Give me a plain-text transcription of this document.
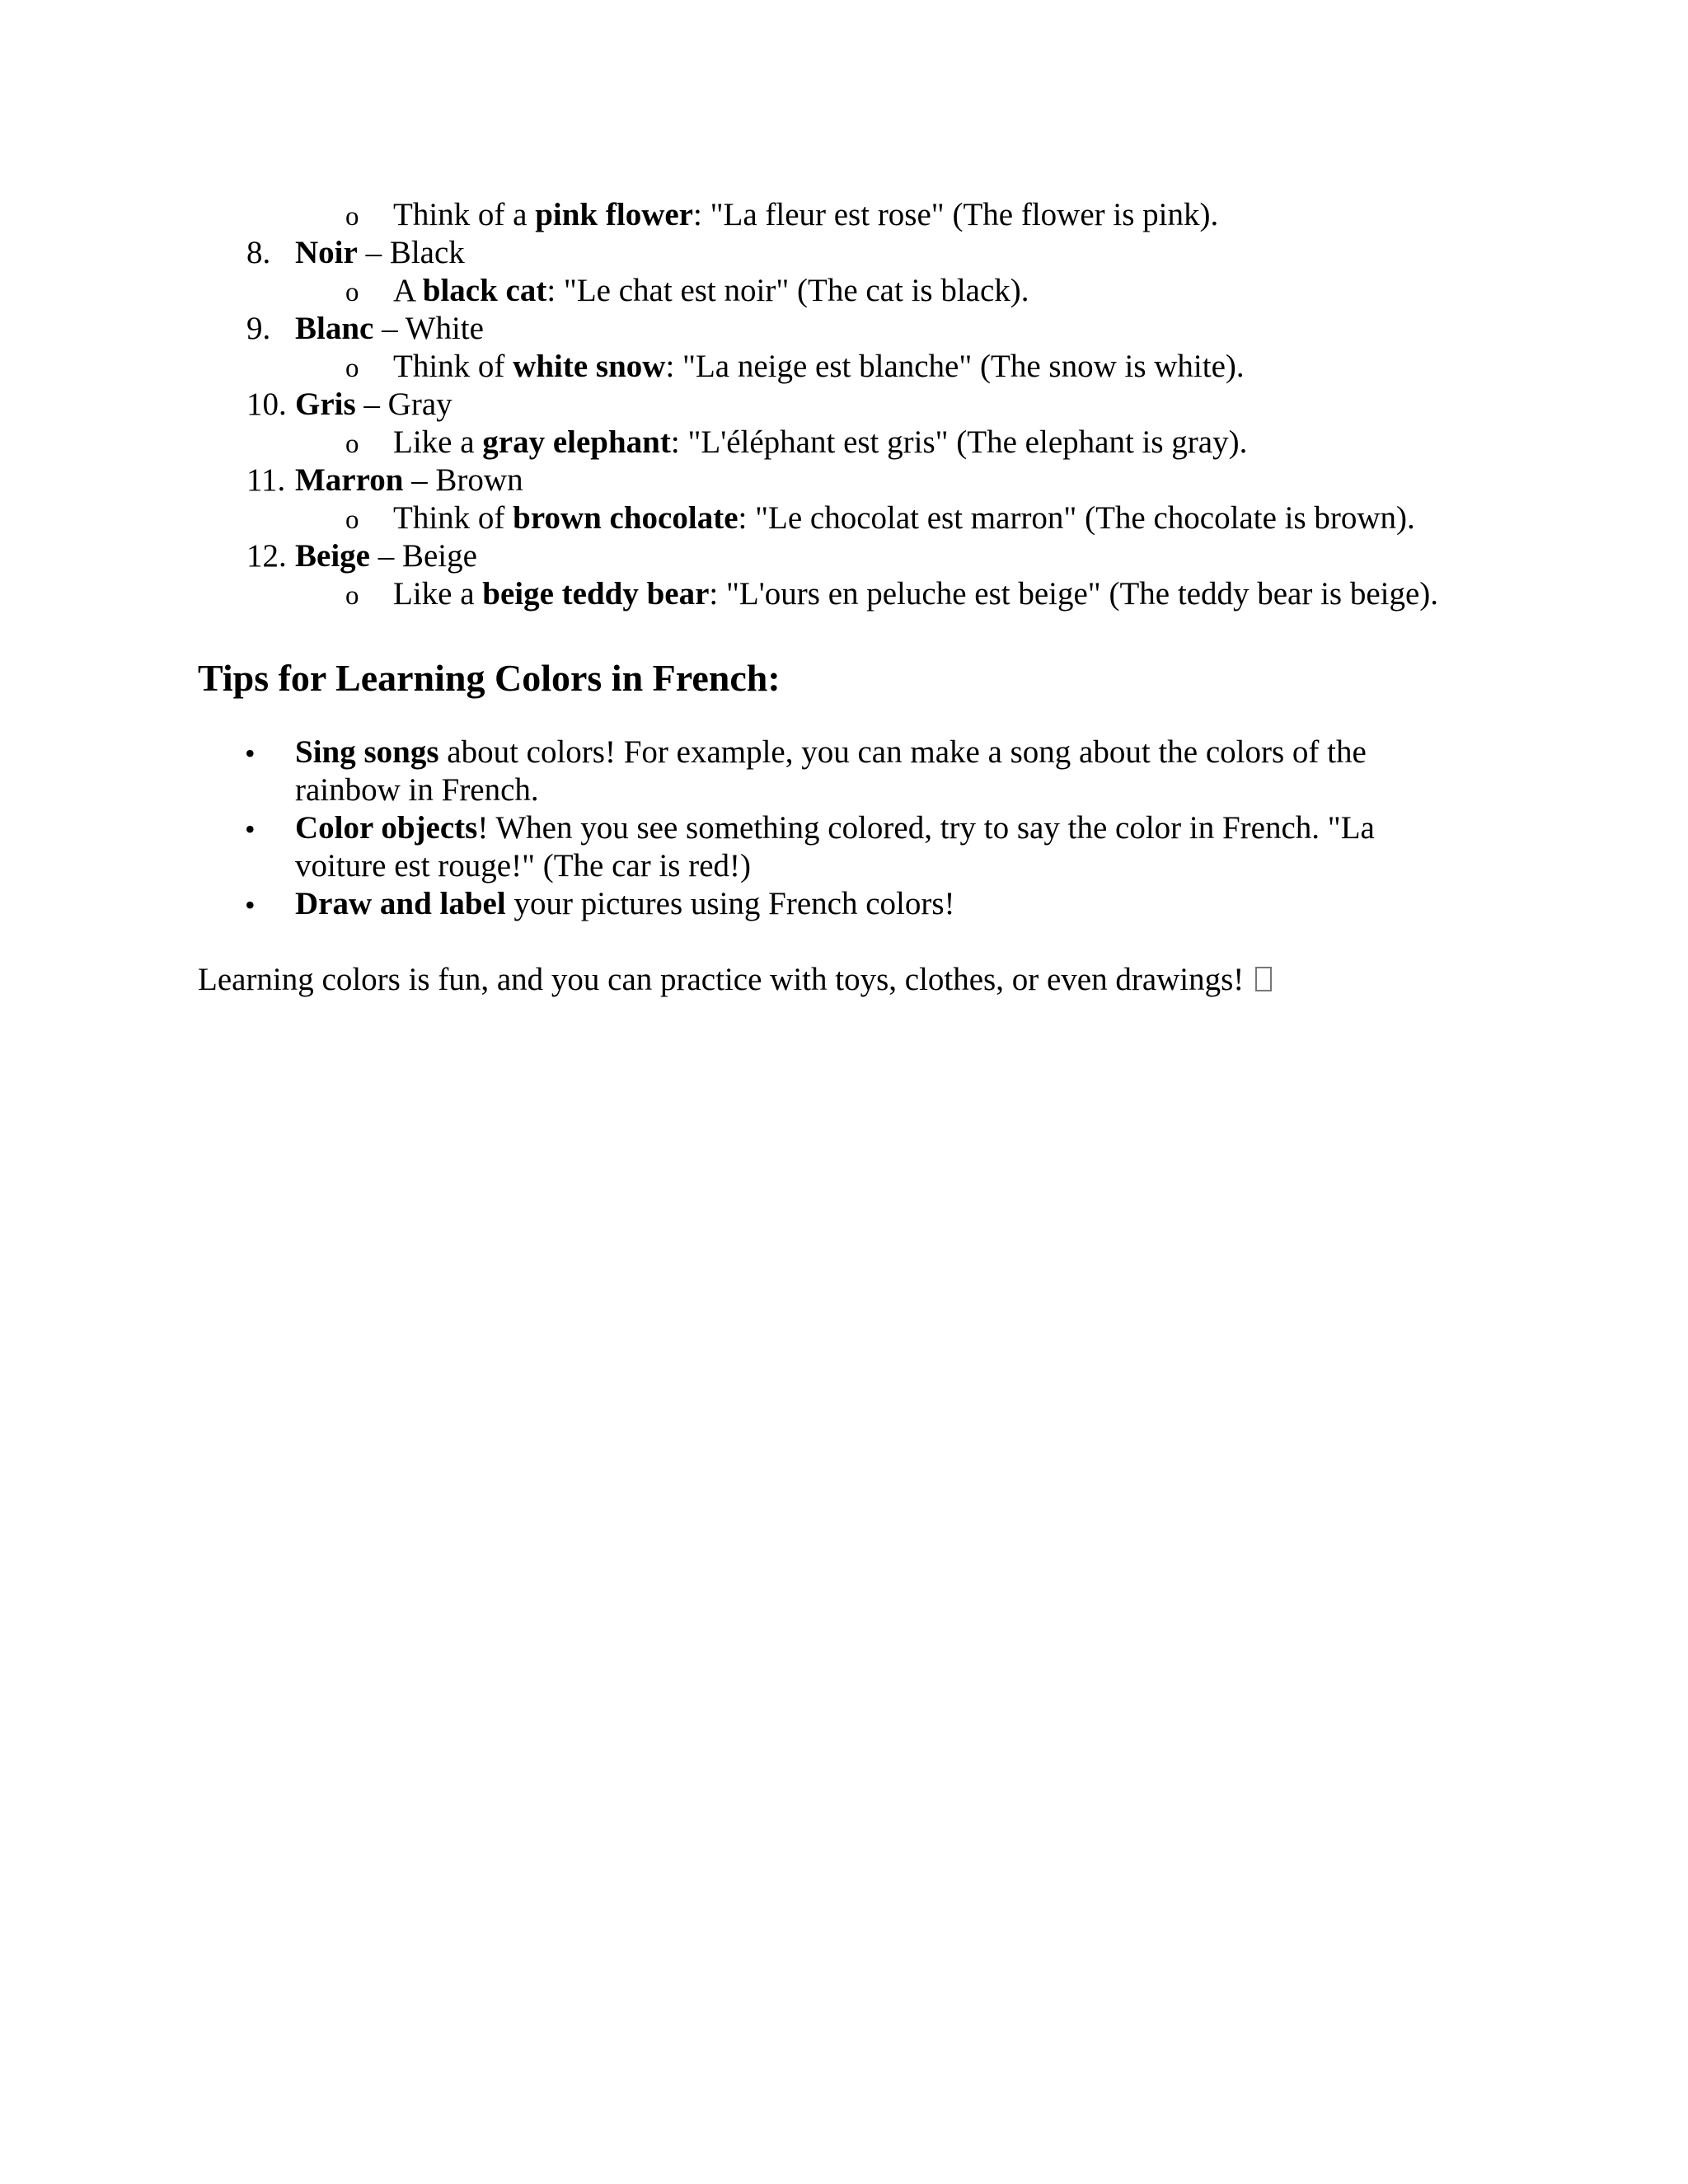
o Think of a pink flower: "La fleur est rose" (The flower is pink).
8. Noir – Black
o A black cat: "Le chat est noir" (The cat is black).
9. Blanc – White
o Think of white snow: "La neige est blanche" (The snow is white).
10. Gris – Gray
o Like a gray elephant: "L'éléphant est gris" (The elephant is gray).
11. Marron – Brown
o Think of brown chocolate: "Le chocolat est marron" (The chocolate is brown).
12. Beige – Beige
o Like a beige teddy bear: "L'ours en peluche est beige" (The teddy bear is beige).
Tips for Learning Colors in French:
• Sing songs about colors! For example, you can make a song about the colors of the
rainbow in French.
• Color objects! When you see something colored, try to say the color in French. "La
voiture est rouge!" (The car is red!)
• Draw and label your pictures using French colors!
Learning colors is fun, and you can practice with toys, clothes, or even drawings!
